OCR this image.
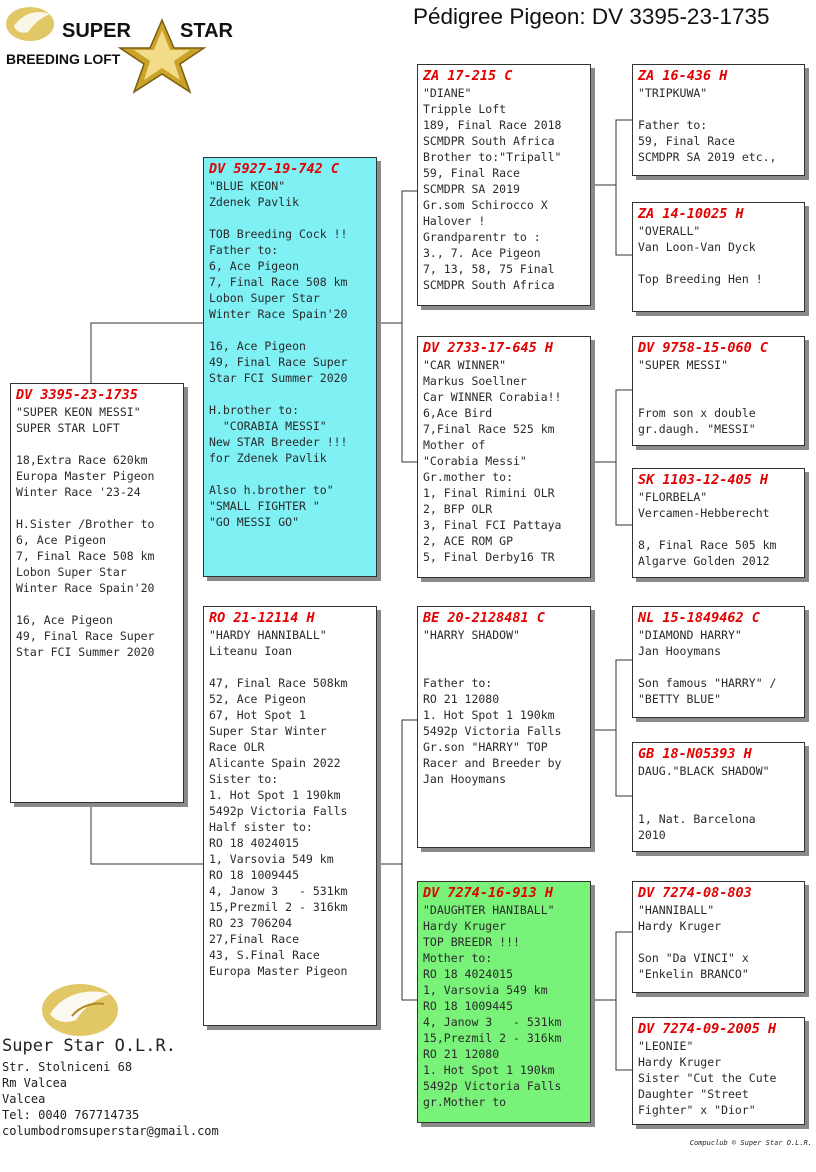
SUPER STAR
BREEDING LOFT
Pédigree Pigeon: DV 3395-23-1735
DV 3395-23-1735
"SUPER KEON MESSI"
SUPER STAR LOFT
18,Extra Race 620km
Europa Master Pigeon
Winter Race '23-24
H.Sister /Brother to
6, Ace Pigeon
7, Final Race 508 km
Lobon Super Star
Winter Race Spain'20
16, Ace Pigeon
49, Final Race Super
Star FCI Summer 2020
DV 5927-19-742 C
"BLUE KEON"
Zdenek Pavlik
TOB Breeding Cock !!
Father to:
6, Ace Pigeon
7, Final Race 508 km
Lobon Super Star
Winter Race Spain'20
16, Ace Pigeon
49, Final Race Super
Star FCI Summer 2020
H.brother to:
"CORABIA MESSI"
New STAR Breeder !!!
for Zdenek Pavlik
Also h.brother to"
"SMALL FIGHTER "
"GO MESSI GO"
RO 21-12114 H
"HARDY HANNIBALL"
Liteanu Ioan
47, Final Race 508km
52, Ace Pigeon
67, Hot Spot 1
Super Star Winter
Race OLR
Alicante Spain 2022
Sister to:
1. Hot Spot 1 190km
5492p Victoria Falls
Half sister to:
RO 18 4024015
1, Varsovia 549 km
RO 18 1009445
4, Janow 3   - 531km
15,Prezmil 2 - 316km
RO 23 706204
27,Final Race
43, S.Final Race
Europa Master Pigeon
ZA 17-215 C
"DIANE"
Tripple Loft
189, Final Race 2018
SCMDPR South Africa
Brother to:"Tripall"
59, Final Race
SCMDPR SA 2019
Gr.som Schirocco X
Halover !
Grandparentr to :
3., 7. Ace Pigeon
7, 13, 58, 75 Final
SCMDPR South Africa
DV 2733-17-645 H
"CAR WINNER"
Markus Soellner
Car WINNER Corabia!!
6,Ace Bird
7,Final Race 525 km
Mother of
"Corabia Messi"
Gr.mother to:
1, Final Rimini OLR
2, BFP OLR
3, Final FCI Pattaya
2, ACE ROM GP
5, Final Derby16 TR
BE 20-2128481 C
"HARRY SHADOW"
Father to:
RO 21 12080
1. Hot Spot 1 190km
5492p Victoria Falls
Gr.son "HARRY" TOP
Racer and Breeder by
Jan Hooymans
DV 7274-16-913 H
"DAUGHTER HANIBALL"
Hardy Kruger
TOP BREEDR !!!
Mother to:
RO 18 4024015
1, Varsovia 549 km
RO 18 1009445
4, Janow 3   - 531km
15,Prezmil 2 - 316km
RO 21 12080
1. Hot Spot 1 190km
5492p Victoria Falls
gr.Mother to
ZA 16-436 H
"TRIPKUWA"
Father to:
59, Final Race
SCMDPR SA 2019 etc.,
ZA 14-10025 H
"OVERALL"
Van Loon-Van Dyck
Top Breeding Hen !
DV 9758-15-060 C
"SUPER MESSI"
From son x double
gr.daugh. "MESSI"
SK 1103-12-405 H
"FLORBELA"
Vercamen-Hebberecht
8, Final Race 505 km
Algarve Golden 2012
NL 15-1849462 C
"DIAMOND HARRY"
Jan Hooymans
Son famous "HARRY" /
"BETTY BLUE"
GB 18-N05393 H
DAUG."BLACK SHADOW"
1, Nat. Barcelona
2010
DV 7274-08-803
"HANNIBALL"
Hardy Kruger
Son "Da VINCI" x
"Enkelin BRANCO"
DV 7274-09-2005 H
"LEONIE"
Hardy Kruger
Sister "Cut the Cute
Daughter "Street
Fighter" x "Dior"
Super Star O.L.R.
Str. Stolniceni 68
Rm Valcea
Valcea
Tel: 0040 767714735
columbodromsuperstar@gmail.com
Compuclub © Super Star O.L.R.
